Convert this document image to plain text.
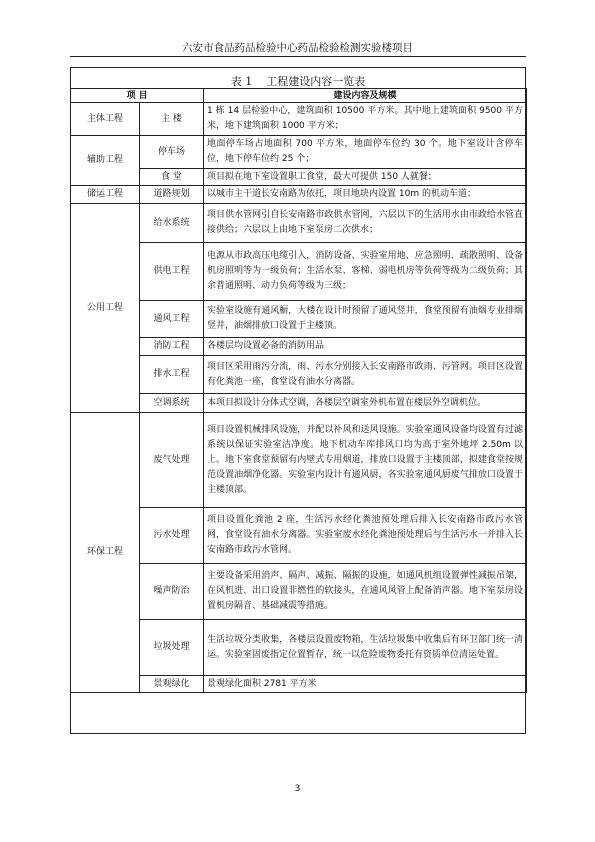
六安市食品药品检验中心药品检验检测实验楼项目
表 1    工程建设内容一览表
项 目		建设内容及规模
主体工程	主 楼	1 栋 14 层检验中心，建筑面积 10500 平方米。其中地上建筑面积 9500 平方米，地下建筑面积 1000 平方米；
辅助工程	停车场	地面停车场占地面积 700 平方米，地面停车位约 30 个。地下室设计含停车位，地下停车位约 25 个；
	食 堂	项目拟在地下室设置职工食堂，最大可提供 150 人就餐；
储运工程	道路规划	以城市主干道长安南路为依托，项目地块内设置 10m 的机动车道；
公用工程	给水系统	项目供水管网引自长安南路市政供水管网，六层以下的生活用水由市政给水管直接供给；六层以上由地下室泵房二次供水；
	供电工程	电源从市政高压电缆引入，消防设备、实验室用地、应急照明、疏散照明、设备机房照明等为一级负荷；生活水泵、客梯、弱电机房等负荷等级为二级负荷；其余普通照明、动力负荷等级为三级；
	通风工程	实验室设施有通风橱，大楼在设计时预留了通风竖井，食堂预留有油烟专业排烟竖井，油烟排放口设置于主楼顶。
	消防工程	各楼层均设置必备的消防用品
	排水工程	项目区采用雨污分流，雨、污水分别接入长安南路市政雨、污管网。项目区设置有化粪池一座，食堂设有油水分离器。
	空调系统	本项目拟设计分体式空调，各楼层空调室外机布置在楼层外空调机位。
环保工程	废气处理	项目设置机械排风设施，并配以补风和送风设施。实验室通风设备均设置有过滤系统以保证实验室洁净度。地下机动车库排风口均为高于室外地坪 2.50m 以上。地下室食堂预留有内壁式专用烟道，排放口设置于主楼顶部，拟建食堂按规范设置油烟净化器。实验室内设计有通风厨，各实验室通风厨废气排放口设置于主楼顶部。
	污水处理	项目设置化粪池 2 座，生活污水经化粪池预处理后排入长安南路市政污水管网，食堂设有油水分离器。实验室废水经化粪池预处理后与生活污水一并排入长安南路市政污水管网。
	噪声防治	主要设备采用消声、隔声、减振、隔振的设施，如通风机组设置弹性减振吊架，在风机进、出口设置非燃性的软接头，在通风风管上配备消声器。地下室泵房设置机房隔音、基础减震等措施。
	垃圾处理	生活垃圾分类收集，各楼层设置废物箱，生活垃圾集中收集后有环卫部门统一清运。实验室固废指定位置暂存，统一以危险废物委托有资质单位清运处置。
	景观绿化	景观绿化面积 2781 平方米
3
